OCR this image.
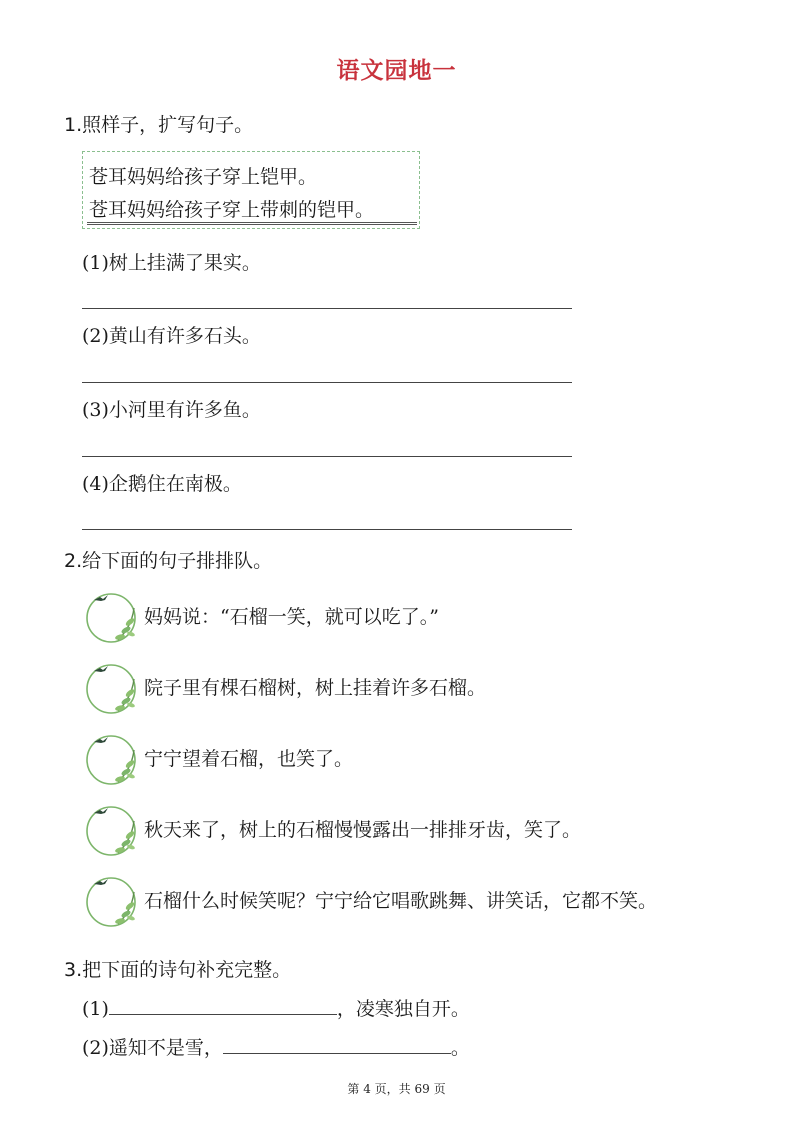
语文园地一
1.照样子，扩写句子。
苍耳妈妈给孩子穿上铠甲。
苍耳妈妈给孩子穿上带刺的铠甲。
(1)树上挂满了果实。
(2)黄山有许多石头。
(3)小河里有许多鱼。
(4)企鹅住在南极。
2.给下面的句子排排队。
妈妈说：“石榴一笑，就可以吃了。”
院子里有棵石榴树，树上挂着许多石榴。
宁宁望着石榴，也笑了。
秋天来了，树上的石榴慢慢露出一排排牙齿，笑了。
石榴什么时候笑呢？宁宁给它唱歌跳舞、讲笑话，它都不笑。
3.把下面的诗句补充完整。
(1)	，凌寒独自开。
(2)遥知不是雪，	。
第 4 页，共 69 页
